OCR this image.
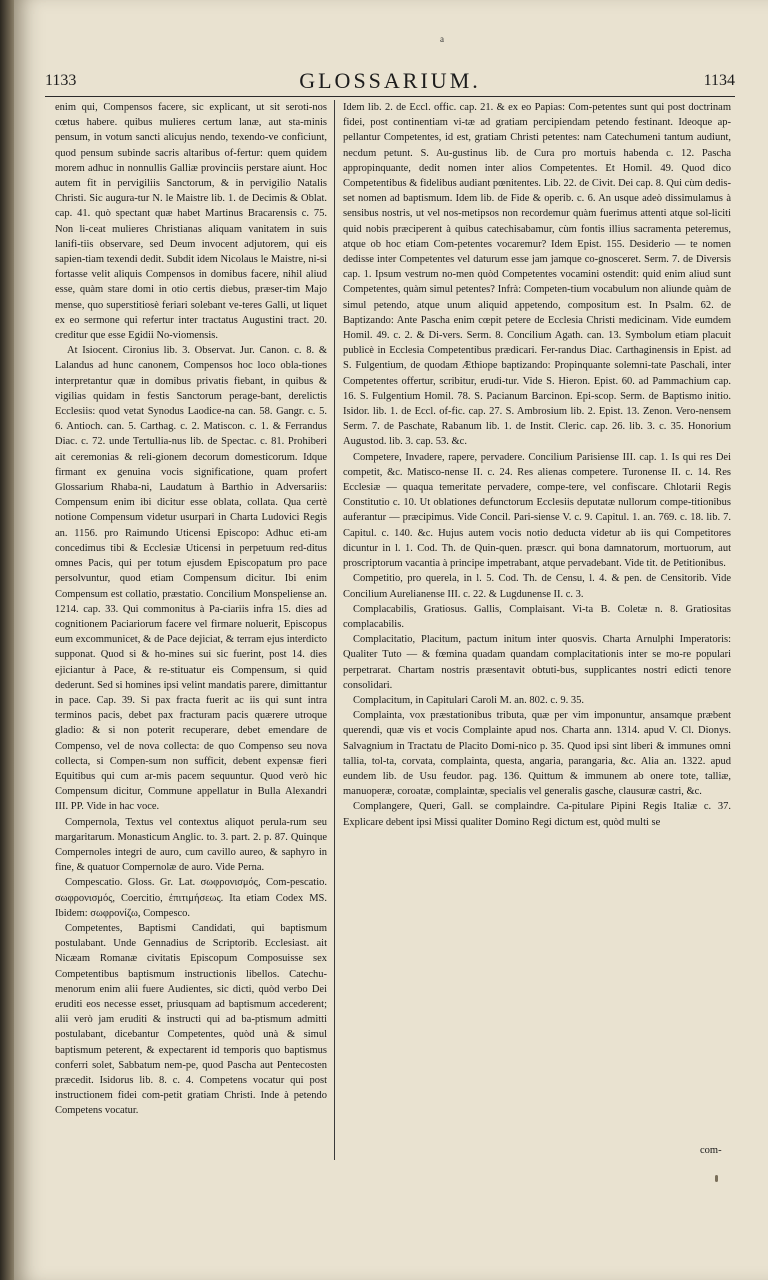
a
1133	GLOSSARIUM.	1134

enim qui, Compensos facere, sic explicant, ut sit seroti-nos cœtus habere. quibus mulieres certum lanæ, aut sta-minis pensum, in votum sancti alicujus nendo, texendo-ve conficiunt, quod pensum subinde sacris altaribus of-fertur: quem quidem morem adhuc in nonnullis Galliæ provinciis perstare aiunt. Hoc autem fit in pervigiliis Sanctorum, & in pervigilio Natalis Christi. Sic augura-tur N. le Maistre lib. 1. de Decimis & Oblat. cap. 41. quò spectant quæ habet Martinus Bracarensis c. 75. Non li-ceat mulieres Christianas aliquam vanitatem in suis lanifi-tiis observare, sed Deum invocent adjutorem, qui eis sapien-tiam texendi dedit. Subdit idem Nicolaus le Maistre, ni-si fortasse velit aliquis Compensos in domibus facere, nihil aliud esse, quàm stare domi in otio certis diebus, præser-tim Majo mense, quo superstitiosè feriari solebant ve-teres Galli, ut liquet ex eo sermone qui refertur inter tractatus Augustini tract. 20. creditur que esse Egidii No-viomensis.

At Isiocent. Cironius lib. 3. Observat. Jur. Canon. c. 8. & Lalandus ad hunc canonem, Compensos hoc loco obla-tiones interpretantur quæ in domibus privatis fiebant, in quibus & vigilias quidam in festis Sanctorum perage-bant, derelictis Ecclesiis: quod vetat Synodus Laodice-na can. 58. Gangr. c. 5. 6. Antioch. can. 5. Carthag. c. 2. Matiscon. c. 1. & Ferrandus Diac. c. 72. unde Tertullia-nus lib. de Spectac. c. 81. Prohiberi ait ceremonias & reli-gionem decorum domesticorum. Idque firmant ex genuina vocis significatione, quam profert Glossarium Rhaba-ni, Laudatum à Barthio in Adversariis: Compensum enim ibi dicitur esse oblata, collata. Qua certè notione Compensum videtur usurpari in Charta Ludovici Regis an. 1156. pro Raimundo Uticensi Episcopo: Adhuc eti-am concedimus tibi & Ecclesiæ Uticensi in perpetuum red-ditus omnes Pacis, qui per totum ejusdem Episcopatum pro pace persolvuntur, quod etiam Compensum dicitur. Ibi enim Compensum est collatio, præstatio. Concilium Monspeliense an. 1214. cap. 33. Qui commonitus à Pa-ciariis infra 15. dies ad cognitionem Paciariorum facere vel firmare noluerit, Episcopus eum excommunicet, & de Pace dejiciat, & terram ejus interdicto supponat. Quod si & ho-mines sui sic fuerint, post 14. dies ejiciantur à Pace, & re-stituatur eis Compensum, si quid dederunt. Sed si homines ipsi velint mandatis parere, dimittantur in pace. Cap. 39. Si pax fracta fuerit ac iis qui sunt intra terminos pacis, debet pax fracturam pacis quærere utroque gladio: & si non poterit recuperare, debet emendare de Compenso, vel de nova collecta: de quo Compenso seu nova collecta, si Compen-sum non sufficit, debent expensæ fieri Equitibus qui cum ar-mis pacem sequuntur. Quod verò hic Compensum dicitur, Commune appellatur in Bulla Alexandri III. PP. Vide in hac voce.

Compernola, Textus vel contextus aliquot perula-rum seu margaritarum. Monasticum Anglic. to. 3. part. 2. p. 87. Quinque Compernoles integri de auro, cum cavillo aureo, & saphyro in fine, & quatuor Compernolæ de auro. Vide Perna.

Compescatio. Gloss. Gr. Lat. σωφρονισμός, Com-pescatio. σωφρονισμός, Coercitio, ἐπιτιμήσεως. Ita etiam Codex MS. Ibidem: σωφρονίζω, Compesco.

Competentes, Baptismi Candidati, qui baptismum postulabant. Unde Gennadius de Scriptorib. Ecclesiast. ait Nicæam Romanæ civitatis Episcopum Composuisse sex Competentibus baptismum instructionis libellos. Catechu-menorum enim alii fuere Audientes, sic dicti, quòd verbo Dei eruditi eos necesse esset, priusquam ad baptismum accederent; alii verò jam eruditi & instructi qui ad ba-ptismum admitti postulabant, dicebantur Competentes, quòd unà & simul baptismum peterent, & expectarent id temporis quo baptismus conferri solet, Sabbatum nem-pe, quod Pascha aut Pentecosten præcedit. Isidorus lib. 8. c. 4. Competens vocatur qui post instructionem fidei com-petit gratiam Christi. Inde à petendo Competens vocatur.

Idem lib. 2. de Eccl. offic. cap. 21. & ex eo Papias: Com-petentes sunt qui post doctrinam fidei, post continentiam vi-tæ ad gratiam percipiendam petendo festinant. Ideoque ap-pellantur Competentes, id est, gratiam Christi petentes: nam Catechumeni tantum audiunt, necdum petunt. S. Au-gustinus lib. de Cura pro mortuis habenda c. 12. Pascha appropinquante, dedit nomen inter alios Competentes. Et Homil. 49. Quod dico Competentibus & fidelibus audiant pœnitentes. Lib. 22. de Civit. Dei cap. 8. Qui cùm dedis-set nomen ad baptismum. Idem lib. de Fide & operib. c. 6. An usque adeò dissimulamus à sensibus nostris, ut vel nos-metipsos non recordemur quàm fuerimus attenti atque sol-liciti quid nobis præciperent à quibus catechisabamur, cùm fontis illius sacramenta peteremus, atque ob hoc etiam Com-petentes vocaremur? Idem Epist. 155. Desiderio — te nomen dedisse inter Competentes vel daturum esse jam jamque co-gnosceret. Serm. 7. de Diversis cap. 1. Ipsum vestrum no-men quòd Competentes vocamini ostendit: quid enim aliud sunt Competentes, quàm simul petentes? Infrà: Competen-tium vocabulum non aliunde quàm de simul petendo, atque unum aliquid appetendo, compositum est. In Psalm. 62. de Baptizando: Ante Pascha enim cœpit petere de Ecclesia Christi medicinam. Vide eumdem Homil. 49. c. 2. & Di-vers. Serm. 8. Concilium Agath. can. 13. Symbolum etiam placuit publicè in Ecclesia Competentibus prædicari. Fer-randus Diac. Carthaginensis in Epist. ad S. Fulgentium, de quodam Æthiope baptizando: Propinquante solemni-tate Paschali, inter Competentes offertur, scribitur, erudi-tur. Vide S. Hieron. Epist. 60. ad Pammachium cap. 16. S. Fulgentium Homil. 78. S. Pacianum Barcinon. Epi-scop. Serm. de Baptismo initio. Isidor. lib. 1. de Eccl. of-fic. cap. 27. S. Ambrosium lib. 2. Epist. 13. Zenon. Vero-nensem Serm. 7. de Paschate, Rabanum lib. 1. de Instit. Cleric. cap. 26. lib. 3. c. 35. Honorium Augustod. lib. 3. cap. 53. &c.

Competere, Invadere, rapere, pervadere. Concilium Parisiense III. cap. 1. Is qui res Dei competit, &c. Matisco-nense II. c. 24. Res alienas competere. Turonense II. c. 14. Res Ecclesiæ — quaqua temeritate pervadere, compe-tere, vel confiscare. Chlotarii Regis Constitutio c. 10. Ut oblationes defunctorum Ecclesiis deputatæ nullorum compe-titionibus auferantur — præcipimus. Vide Concil. Pari-siense V. c. 9. Capitul. 1. an. 769. c. 18. lib. 7. Capitul. c. 140. &c. Hujus autem vocis notio deducta videtur ab iis qui Competitores dicuntur in l. 1. Cod. Th. de Quin-quen. præscr. qui bona damnatorum, mortuorum, aut proscriptorum vacantia à principe impetrabant, atque pervadebant. Vide tit. de Petitionibus.

Competitio, pro querela, in l. 5. Cod. Th. de Censu, l. 4. & pen. de Censitorib. Vide Concilium Aurelianense III. c. 22. & Lugdunense II. c. 3.

Complacabilis, Gratiosus. Gallis, Complaisant. Vi-ta B. Coletæ n. 8. Gratiositas complacabilis.

Complacitatio, Placitum, pactum initum inter quosvis. Charta Arnulphi Imperatoris: Qualiter Tuto — & fœmina quadam quandam complacitationis inter se mo-re populari perpetrarat. Chartam nostris præsentavit obtuti-bus, supplicantes nostri edicti tenore consolidari.

Complacitum, in Capitulari Caroli M. an. 802. c. 9. 35.

Complainta, vox præstationibus tributa, quæ per vim imponuntur, ansamque præbent querendi, quæ vis et vocis Complainte apud nos. Charta ann. 1314. apud V. Cl. Dionys. Salvagnium in Tractatu de Placito Domi-nico p. 35. Quod ipsi sint liberi & immunes omni tallia, tol-ta, corvata, complainta, questa, angaria, parangaria, &c. Alia an. 1322. apud eundem lib. de Usu feudor. pag. 136. Quittum & immunem ab onere tote, talliæ, manuoperæ, coroatæ, complaintæ, specialis vel generalis gasche, clausuræ castri, &c.

Complangere, Queri, Gall. se complaindre. Ca-pitulare Pipini Regis Italiæ c. 37. Explicare debent ipsi Missi qualiter Domino Regi dictum est, quòd multi se

com-
